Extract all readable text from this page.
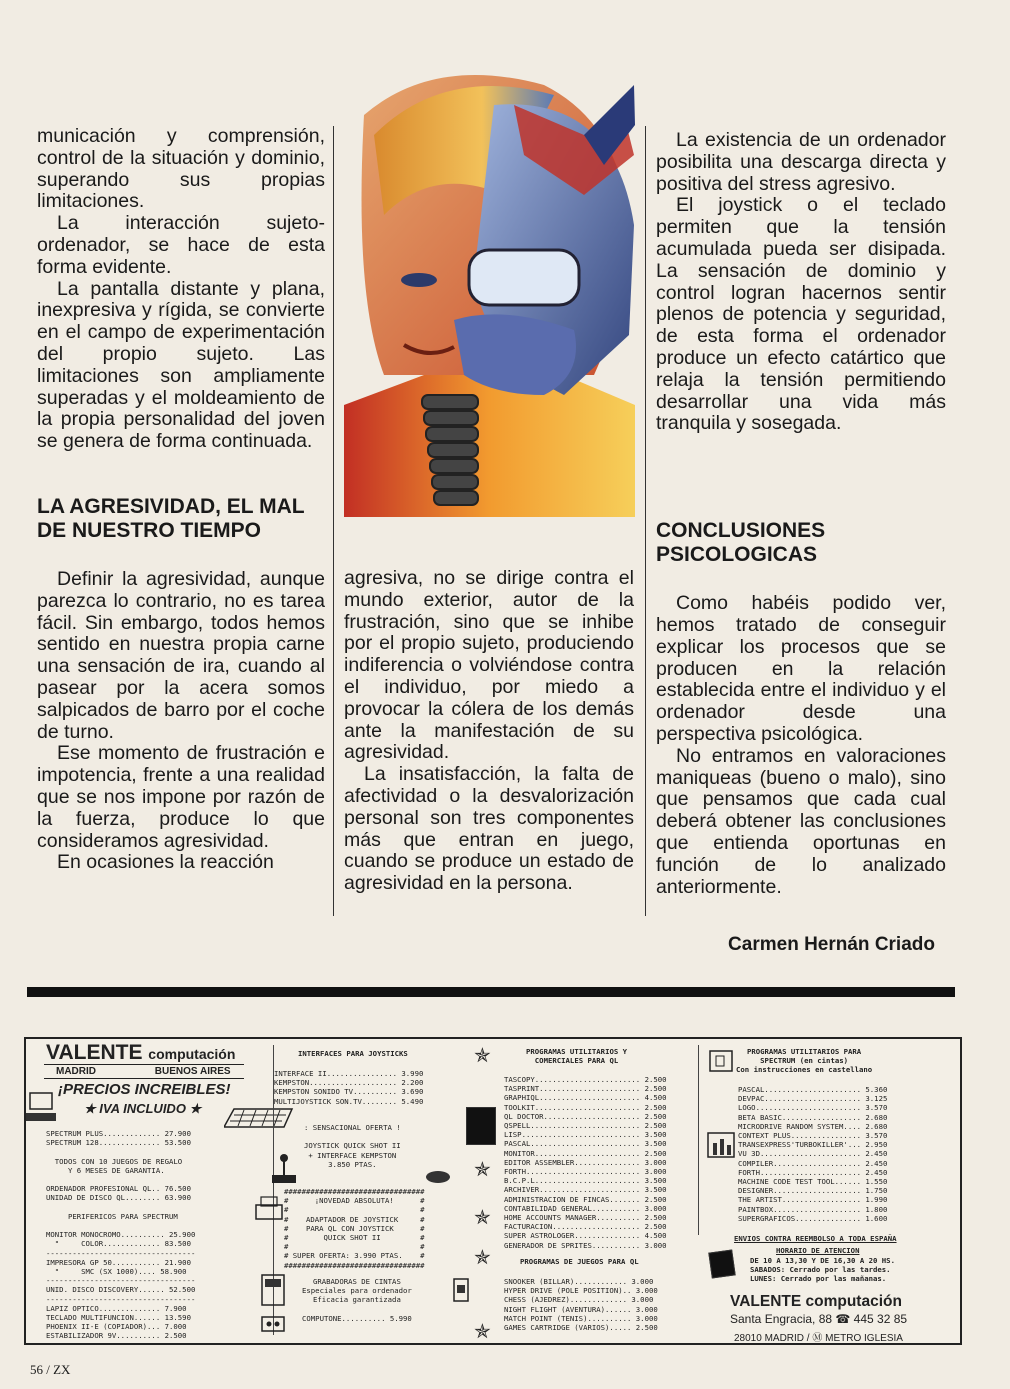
municación y comprensión, control de la situación y dominio, superando sus propias limitaciones.

La interacción sujeto-ordenador, se hace de esta forma evidente.

La pantalla distante y plana, inexpresiva y rígida, se convierte en el campo de experimentación del propio sujeto. Las limitaciones son ampliamente superadas y el moldeamiento de la propia personalidad del joven se genera de forma continuada.

LA AGRESIVIDAD, EL MAL DE NUESTRO TIEMPO

Definir la agresividad, aunque parezca lo contrario, no es tarea fácil. Sin embargo, todos hemos sentido en nuestra propia carne una sensación de ira, cuando al pasear por la acera somos salpicados de barro por el coche de turno.

Ese momento de frustración e impotencia, frente a una realidad que se nos impone por razón de la fuerza, produce lo que consideramos agresividad.

En ocasiones la reacción

agresiva, no se dirige contra el mundo exterior, autor de la frustración, sino que se inhibe por el propio sujeto, produciendo indiferencia o volviéndose contra el individuo, por miedo a provocar la cólera de los demás ante la manifestación de su agresividad.

La insatisfacción, la falta de afectividad o la desvalorización personal son tres componentes más que entran en juego, cuando se produce un estado de agresividad en la persona.

La existencia de un ordenador posibilita una descarga directa y positiva del stress agresivo.

El joystick o el teclado permiten que la tensión acumulada pueda ser disipada. La sensación de dominio y control logran hacernos sentir plenos de potencia y seguridad, de esta forma el ordenador produce un efecto catártico que relaja la tensión permitiendo desarrollar una vida más tranquila y sosegada.

CONCLUSIONES
PSICOLOGICAS

Como habéis podido ver, hemos tratado de conseguir explicar los procesos que se producen en la relación establecida entre el individuo y el ordenador desde una perspectiva psicológica.

No entramos en valoraciones maniqueas (bueno o malo), sino que pensamos que cada cual deberá obtener las conclusiones que entienda oportunas en función de lo analizado anteriormente.

Carmen Hernán Criado
VALENTE computación
MADRID	BUENOS AIRES
¡PRECIOS INCREIBLES!
★ IVA INCLUIDO ★
SPECTRUM PLUS............. 27.900
SPECTRUM 128.............. 53.500

TODOS CON 10 JUEGOS DE REGALO
Y 6 MESES DE GARANTIA.

ORDENADOR PROFESIONAL QL.. 76.500
UNIDAD DE DISCO QL........ 63.900

PERIFERICOS PARA SPECTRUM

MONITOR MONOCROMO.......... 25.900
"     COLOR............. 83.500
----------------------------------
IMPRESORA GP 50........... 21.900
"     SMC (SX 1000).... 58.900
----------------------------------
UNID. DISCO DISCOVERY...... 52.500
----------------------------------
LAPIZ OPTICO.............. 7.900
TECLADO MULTIFUNCION...... 13.590
PHOENIX II-E (COPIADOR)... 7.000
ESTABILIZADOR 9V.......... 2.500
INTERFACES PARA JOYSTICKS
INTERFACE II................ 3.990
KEMPSTON.................... 2.200
KEMPSTON SONIDO TV.......... 3.690
MULTIJOYSTICK SON.TV........ 5.490
: SENSACIONAL OFERTA !

JOYSTICK QUICK SHOT II
+ INTERFACE KEMPSTON
3.850 PTAS.
################################
#      ¡NOVEDAD ABSOLUTA!      #
#                              #
#    ADAPTADOR DE JOYSTICK     #
#    PARA QL CON JOYSTICK      #
#        QUICK SHOT II         #
#                              #
# SUPER OFERTA: 3.990 PTAS.    #
################################
GRABADORAS DE CINTAS
Especiales para ordenador
Eficacia garantizada

COMPUTONE.......... 5.990
✯
✯
✯
✯
✯
PROGRAMAS UTILITARIOS Y
COMERCIALES PARA QL
TASCOPY........................ 2.500
TASPRINT....................... 2.500
GRAPHIQL....................... 4.500
TOOLKIT........................ 2.500
QL DOCTOR...................... 2.500
QSPELL......................... 2.500
LISP........................... 3.500
PASCAL......................... 3.500
MONITOR........................ 2.500
EDITOR ASSEMBLER............... 3.000
FORTH.......................... 3.000
B.C.P.L........................ 3.500
ARCHIVER....................... 3.500
ADMINISTRACION DE FINCAS....... 2.500
CONTABILIDAD GENERAL........... 3.000
HOME ACCOUNTS MANAGER.......... 2.500
FACTURACION.................... 2.500
SUPER ASTROLOGER............... 4.500
GENERADOR DE SPRITES........... 3.000
PROGRAMAS DE JUEGOS PARA QL
SNOOKER (BILLAR)............ 3.000
HYPER DRIVE (POLE POSITION).. 3.000
CHESS (AJEDREZ)............. 3.000
NIGHT FLIGHT (AVENTURA)...... 3.000
MATCH POINT (TENIS).......... 3.000
GAMES CARTRIDGE (VARIOS)..... 2.500
PROGRAMAS UTILITARIOS PARA
SPECTRUM (en cintas)
Con instrucciones en castellano
PASCAL...................... 5.360
DEVPAC...................... 3.125
LOGO........................ 3.570
BETA BASIC.................. 2.680
MICRODRIVE RANDOM SYSTEM.... 2.680
CONTEXT PLUS................ 3.570
TRANSEXPRESS'TURBOKILLER'... 2.950
VU 3D....................... 2.450
COMPILER.................... 2.450
FORTH....................... 2.450
MACHINE CODE TEST TOOL...... 1.550
DESIGNER.................... 1.750
THE ARTIST.................. 1.990
PAINTBOX.................... 1.800
SUPERGRAFICOS............... 1.600
ENVIOS CONTRA REEMBOLSO A TODA ESPAÑA
HORARIO DE ATENCION
DE 10 A 13,30 Y DE 16,30 A 20 HS.
SABADOS: Cerrado por las tardes.
LUNES: Cerrado por las mañanas.
VALENTE computación
Santa Engracia, 88 ☎ 445 32 85
28010 MADRID / Ⓜ METRO IGLESIA
56 / ZX
